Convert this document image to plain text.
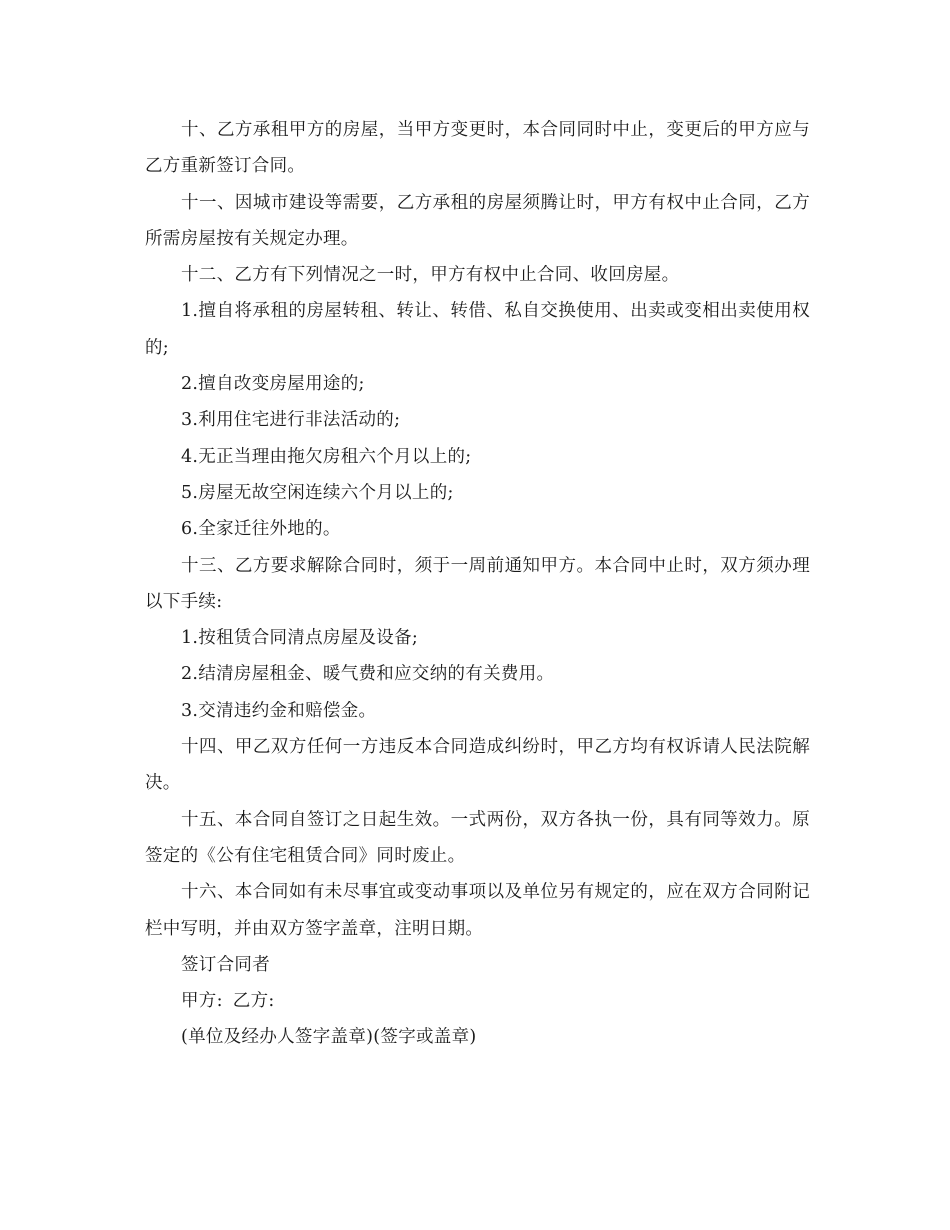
十、乙方承租甲方的房屋，当甲方变更时，本合同同时中止，变更后的甲方应与乙方重新签订合同。

十一、因城市建设等需要，乙方承租的房屋须腾让时，甲方有权中止合同，乙方所需房屋按有关规定办理。

十二、乙方有下列情况之一时，甲方有权中止合同、收回房屋。

1.擅自将承租的房屋转租、转让、转借、私自交换使用、出卖或变相出卖使用权的;

2.擅自改变房屋用途的;

3.利用住宅进行非法活动的;

4.无正当理由拖欠房租六个月以上的;

5.房屋无故空闲连续六个月以上的;

6.全家迁往外地的。

十三、乙方要求解除合同时，须于一周前通知甲方。本合同中止时，双方须办理以下手续:

1.按租赁合同清点房屋及设备;

2.结清房屋租金、暖气费和应交纳的有关费用。

3.交清违约金和赔偿金。

十四、甲乙双方任何一方违反本合同造成纠纷时，甲乙方均有权诉请人民法院解决。

十五、本合同自签订之日起生效。一式两份，双方各执一份，具有同等效力。原签定的《公有住宅租赁合同》同时废止。

十六、本合同如有未尽事宜或变动事项以及单位另有规定的，应在双方合同附记栏中写明，并由双方签字盖章，注明日期。

签订合同者
甲方: 乙方:
(单位及经办人签字盖章)(签字或盖章)
